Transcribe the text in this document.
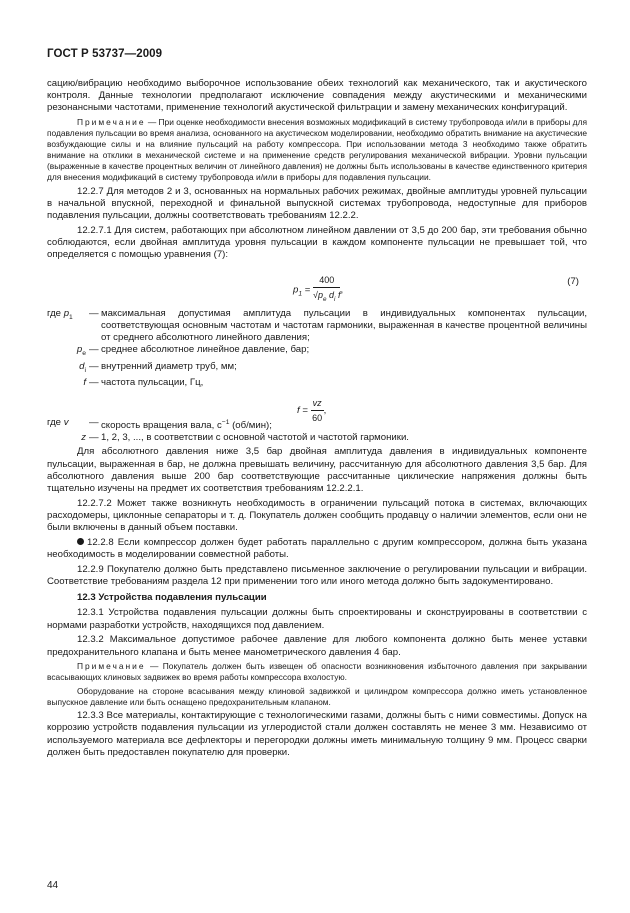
ГОСТ Р 53737—2009

сацию/вибрацию необходимо выборочное использование обеих технологий как механического, так и акустического контроля. Данные технологии предполагают исключение совпадения между акустическими и механическими резонансными частотами, применение технологий акустической фильтрации и замену механических конфигураций.

Примечание — При оценке необходимости внесения возможных модификаций в систему трубопровода и/или в приборы для подавления пульсации во время анализа, основанного на акустическом моделировании, необходимо обратить внимание на акустические возбуждающие силы и на влияние пульсаций на работу компрессора. При использовании метода 3 необходимо также обратить внимание на отклики в механической системе и на применение средств регулирования механической вибрации. Уровни пульсации (выраженные в качестве процентных величин от линейного давления) не должны быть использованы в качестве единственного критерия для внесения модификаций в систему трубопровода и/или в приборы для подавления пульсации.

12.2.7 Для методов 2 и 3, основанных на нормальных рабочих режимах, двойные амплитуды уровней пульсации в начальной впускной, переходной и финальной выпускной системах трубопровода, недоступные для приборов подавления пульсации, должны соответствовать требованиям 12.2.2.

12.2.7.1 Для систем, работающих при абсолютном линейном давлении от 3,5 до 200 бар, эти требования обычно соблюдаются, если двойная амплитуда уровня пульсации в каждом компоненте пульсации не превышает той, что определяется с помощью уравнения (7):

$p_1 = \frac{400}{√p_e d_i f}$ ,
(7)
где $p_1$	— максимальная допустимая амплитуда пульсации в индивидуальных компонентах пульсации, соответствующая основным частотам и частотам гармоники, выраженная в качестве процентной величины от среднего абсолютного линейного давления;
$p_e$ — среднее абсолютное линейное давление, бар;
$d_i$ — внутренний диаметр труб, мм;
f — частота пульсации, Гц,
$f = \frac{vz}{60}$ ,
где v	— скорость вращения вала, $с^{-1}$ (об/мин);
z — 1, 2, 3, ..., в соответствии с основной частотой и частотой гармоники.

Для абсолютного давления ниже 3,5 бар двойная амплитуда давления в индивидуальных компоненте пульсации, выраженная в бар, не должна превышать величину, рассчитанную для абсолютного давления 3,5 бар. Для абсолютного давления выше 200 бар соответствующие рассчитанные циклические напряжения должны быть тщательно изучены на предмет их соответствия требованиям 12.2.2.1.

12.2.7.2 Может также возникнуть необходимость в ограничении пульсаций потока в системах, включающих расходомеры, циклонные сепараторы и т. д. Покупатель должен сообщить продавцу о наличии элементов, если они не были включены в данный объем поставки.

12.2.8 Если компрессор должен будет работать параллельно с другим компрессором, должна быть указана необходимость в моделировании совместной работы.

12.2.9 Покупателю должно быть представлено письменное заключение о регулировании пульсации и вибрации. Соответствие требованиям раздела 12 при применении того или иного метода должно быть задокументировано.

12.3 Устройства подавления пульсации

12.3.1 Устройства подавления пульсации должны быть спроектированы и сконструированы в соответствии с нормами разработки устройств, находящихся под давлением.

12.3.2 Максимальное допустимое рабочее давление для любого компонента должно быть менее уставки предохранительного клапана и быть менее манометрического давления 4 бар.

Примечание — Покупатель должен быть извещен об опасности возникновения избыточного давления при закрывании всасывающих клиновых задвижек во время работы компрессора вхолостую.

Оборудование на стороне всасывания между клиновой задвижкой и цилиндром компрессора должно иметь установленное выпускное давление или быть оснащено предохранительным клапаном.

12.3.3 Все материалы, контактирующие с технологическими газами, должны быть с ними совместимы. Допуск на коррозию устройств подавления пульсации из углеродистой стали должен составлять не менее 3 мм. Независимо от используемого материала все дефлекторы и перегородки должны иметь минимальную толщину 9 мм. Процесс сварки должен быть предоставлен покупателю для проверки.

44
